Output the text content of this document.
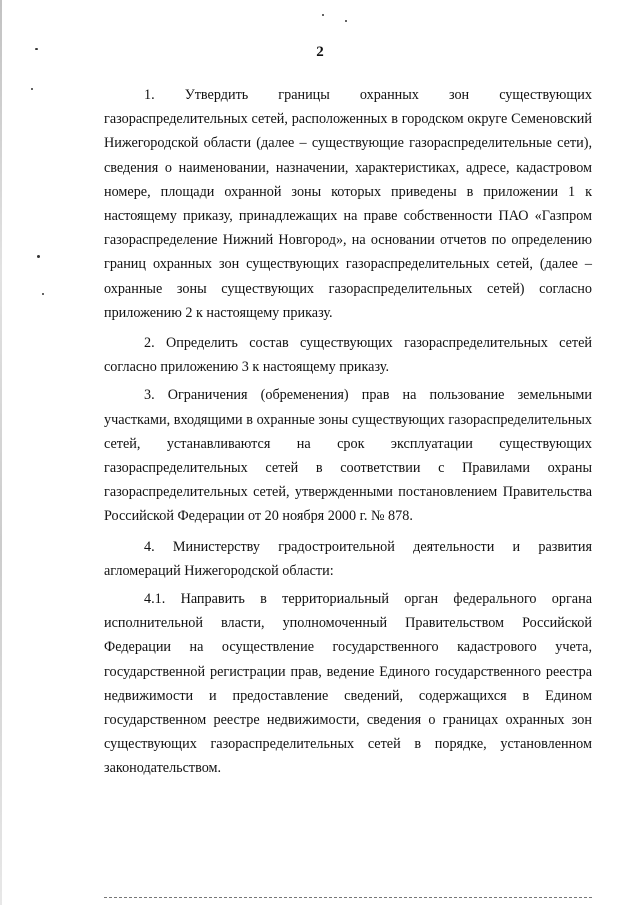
2

1. Утвердить границы охранных зон существующих газораспределительных сетей, расположенных в городском округе Семеновский Нижегородской области (далее – существующие газораспределительные сети), сведения о наименовании, назначении, характеристиках, адресе, кадастровом номере, площади охранной зоны которых приведены в приложении 1 к настоящему приказу, принадлежащих на праве собственности ПАО «Газпром газораспределение Нижний Новгород», на основании отчетов по определению границ охранных зон существующих газораспределительных сетей, (далее – охранные зоны существующих газораспределительных сетей) согласно приложению 2 к настоящему приказу.

2. Определить состав существующих газораспределительных сетей согласно приложению 3 к настоящему приказу.

3. Ограничения (обременения) прав на пользование земельными участками, входящими в охранные зоны существующих газораспределительных сетей, устанавливаются на срок эксплуатации существующих газораспределительных сетей в соответствии с Правилами охраны газораспределительных сетей, утвержденными постановлением Правительства Российской Федерации от 20 ноября 2000 г. № 878.

4. Министерству градостроительной деятельности и развития агломераций Нижегородской области:

4.1. Направить в территориальный орган федерального органа исполнительной власти, уполномоченный Правительством Российской Федерации на осуществление государственного кадастрового учета, государственной регистрации прав, ведение Единого государственного реестра недвижимости и предоставление сведений, содержащихся в Едином государственном реестре недвижимости, сведения о границах охранных зон существующих газораспределительных сетей в порядке, установленном законодательством.
